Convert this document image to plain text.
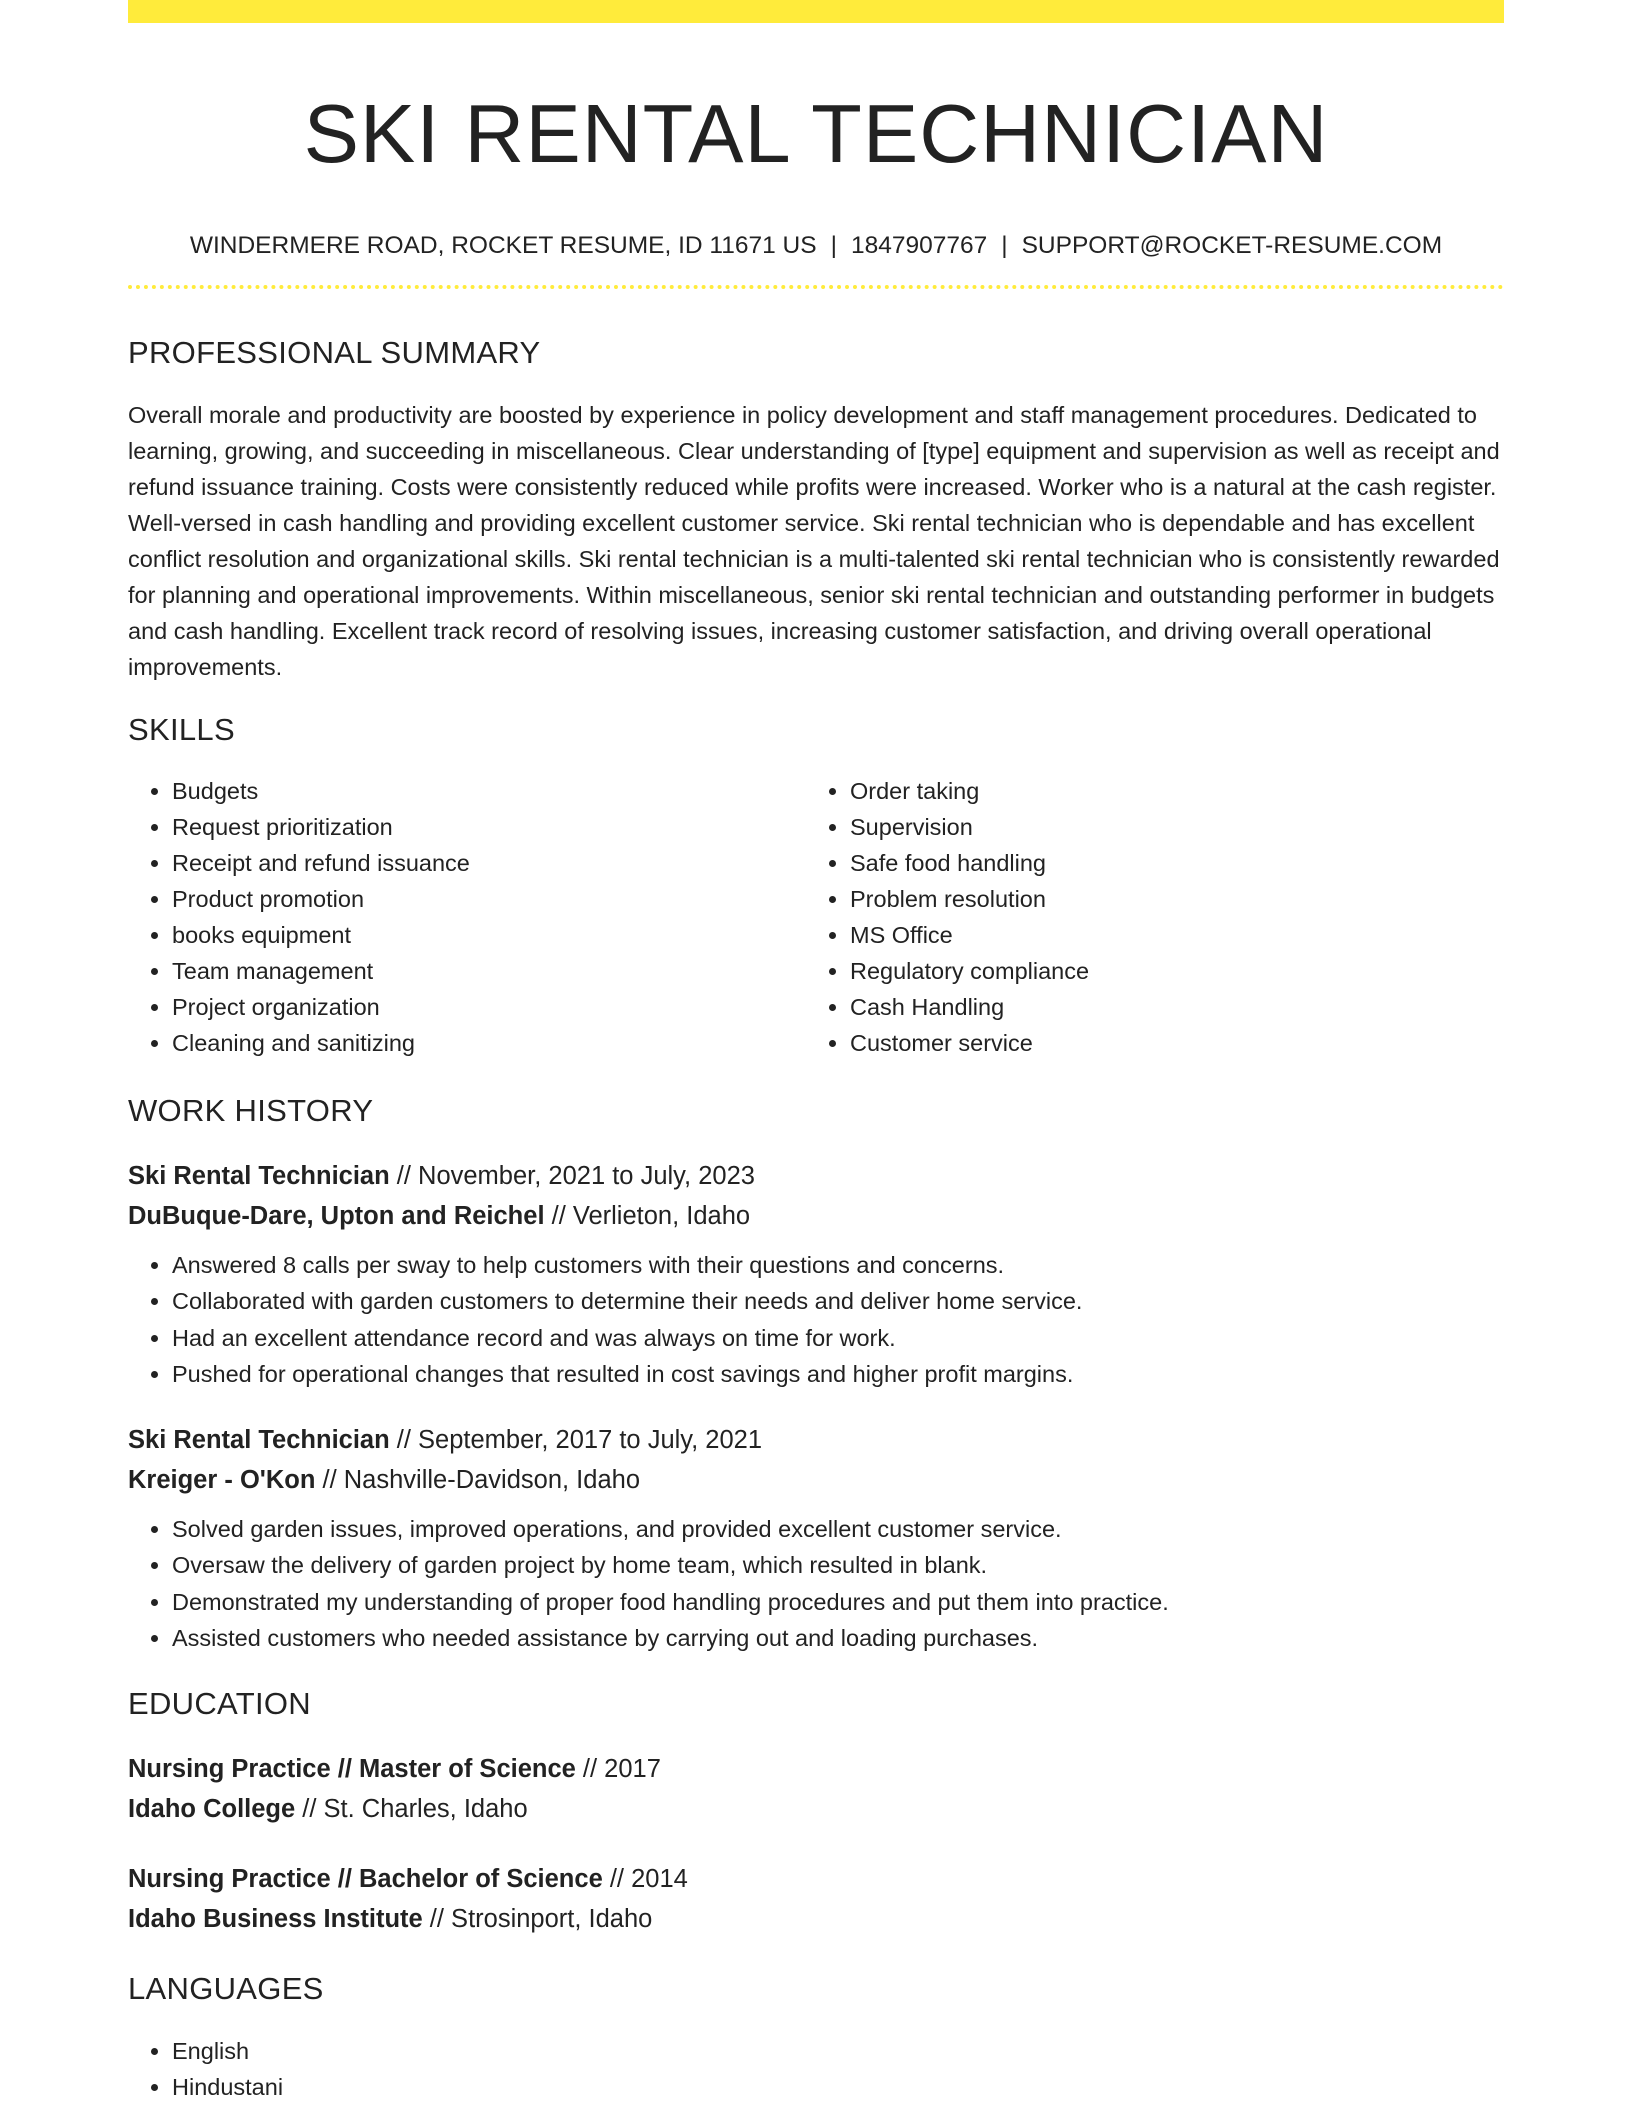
SKI RENTAL TECHNICIAN
WINDERMERE ROAD, ROCKET RESUME, ID 11671 US | 1847907767 | SUPPORT@ROCKET-RESUME.COM
PROFESSIONAL SUMMARY
Overall morale and productivity are boosted by experience in policy development and staff management procedures. Dedicated to learning, growing, and succeeding in miscellaneous. Clear understanding of [type] equipment and supervision as well as receipt and refund issuance training. Costs were consistently reduced while profits were increased. Worker who is a natural at the cash register. Well-versed in cash handling and providing excellent customer service. Ski rental technician who is dependable and has excellent conflict resolution and organizational skills. Ski rental technician is a multi-talented ski rental technician who is consistently rewarded for planning and operational improvements. Within miscellaneous, senior ski rental technician and outstanding performer in budgets and cash handling. Excellent track record of resolving issues, increasing customer satisfaction, and driving overall operational improvements.
SKILLS
• Budgets
• Request prioritization
• Receipt and refund issuance
• Product promotion
• books equipment
• Team management
• Project organization
• Cleaning and sanitizing
• Order taking
• Supervision
• Safe food handling
• Problem resolution
• MS Office
• Regulatory compliance
• Cash Handling
• Customer service
WORK HISTORY
Ski Rental Technician // November, 2021 to July, 2023
DuBuque-Dare, Upton and Reichel // Verlieton, Idaho
• Answered 8 calls per sway to help customers with their questions and concerns.
• Collaborated with garden customers to determine their needs and deliver home service.
• Had an excellent attendance record and was always on time for work.
• Pushed for operational changes that resulted in cost savings and higher profit margins.
Ski Rental Technician // September, 2017 to July, 2021
Kreiger - O'Kon // Nashville-Davidson, Idaho
• Solved garden issues, improved operations, and provided excellent customer service.
• Oversaw the delivery of garden project by home team, which resulted in blank.
• Demonstrated my understanding of proper food handling procedures and put them into practice.
• Assisted customers who needed assistance by carrying out and loading purchases.
EDUCATION
Nursing Practice // Master of Science // 2017
Idaho College // St. Charles, Idaho
Nursing Practice // Bachelor of Science // 2014
Idaho Business Institute // Strosinport, Idaho
LANGUAGES
• English
• Hindustani
